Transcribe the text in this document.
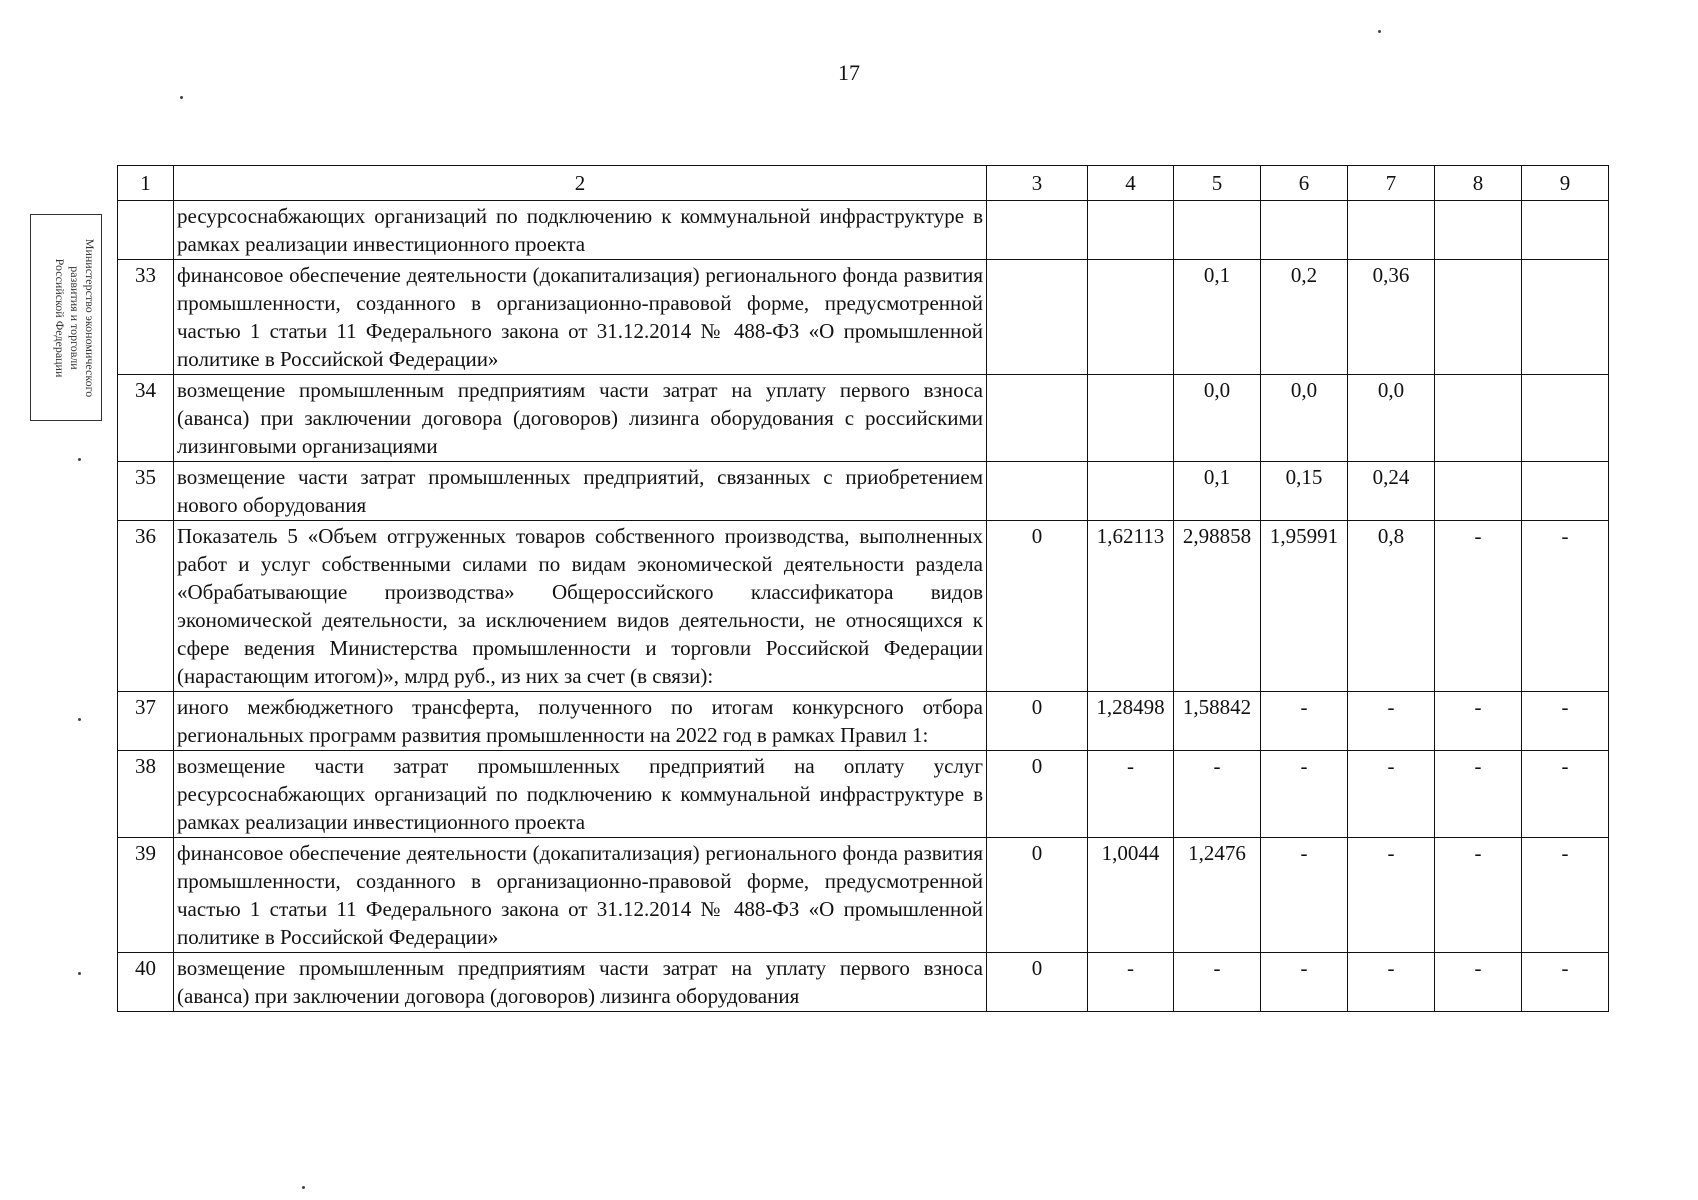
17
Министерство экономического
развития и торговли
Российской Федерации
1	2	3	4	5	6	7	8	9
	ресурсоснабжающих организаций по подключению к коммунальной инфраструктуре в рамках реализации инвестиционного проекта							
33	финансовое обеспечение деятельности (докапитализация) регионального фонда развития промышленности, созданного в организационно-правовой форме, предусмотренной частью 1 статьи 11 Федерального закона от 31.12.2014 № 488-ФЗ «О промышленной политике в Российской Федерации»			0,1	0,2	0,36		
34	возмещение промышленным предприятиям части затрат на уплату первого взноса (аванса) при заключении договора (договоров) лизинга оборудования с российскими лизинговыми организациями			0,0	0,0	0,0		
35	возмещение части затрат промышленных предприятий, связанных с приобретением нового оборудования			0,1	0,15	0,24		
36	Показатель 5 «Объем отгруженных товаров собственного производства, выполненных работ и услуг собственными силами по видам экономической деятельности раздела «Обрабатывающие производства» Общероссийского классификатора видов экономической деятельности, за исключением видов деятельности, не относящихся к сфере ведения Министерства промышленности и торговли Российской Федерации (нарастающим итогом)», млрд руб., из них за счет (в связи):	0	1,62113	2,98858	1,95991	0,8	-	-
37	иного межбюджетного трансферта, полученного по итогам конкурсного отбора региональных программ развития промышленности на 2022 год в рамках Правил 1:	0	1,28498	1,58842	-	-	-	-
38	возмещение части затрат промышленных предприятий на оплату услуг ресурсоснабжающих организаций по подключению к коммунальной инфраструктуре в рамках реализации инвестиционного проекта	0	-	-	-	-	-	-
39	финансовое обеспечение деятельности (докапитализация) регионального фонда развития промышленности, созданного в организационно-правовой форме, предусмотренной частью 1 статьи 11 Федерального закона от 31.12.2014 № 488-ФЗ «О промышленной политике в Российской Федерации»	0	1,0044	1,2476	-	-	-	-
40	возмещение промышленным предприятиям части затрат на уплату первого взноса (аванса) при заключении договора (договоров) лизинга оборудования	0	-	-	-	-	-	-
